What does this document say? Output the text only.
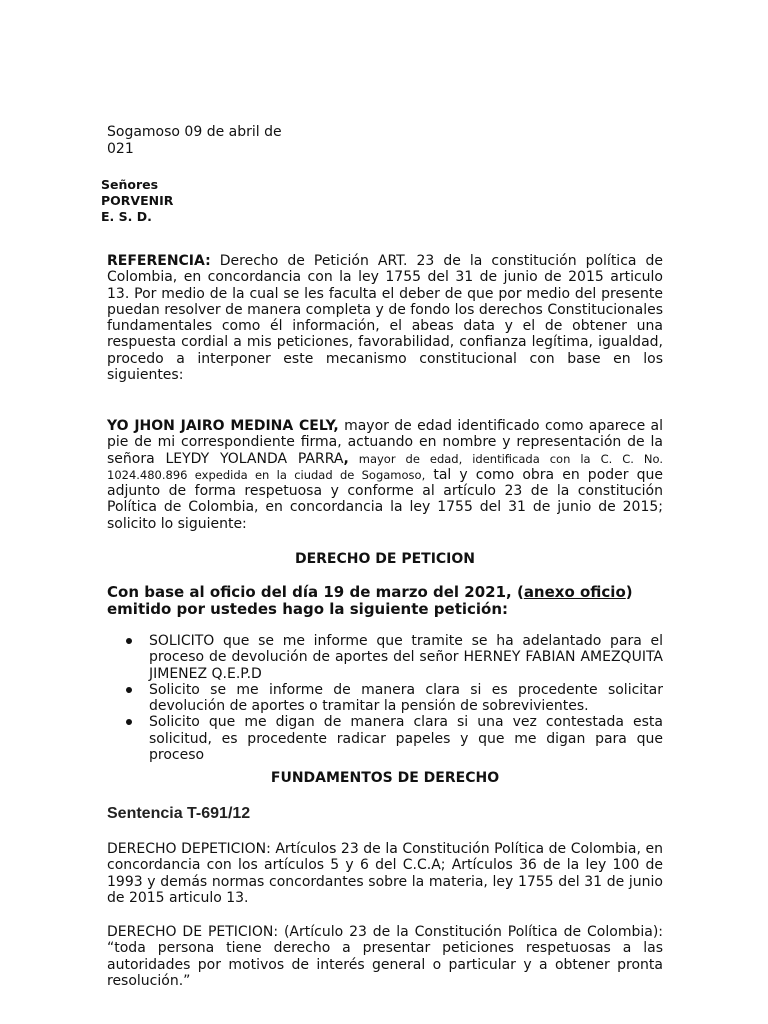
Sogamoso 09 de abril de
021
Señores
PORVENIR
E. S. D.
REFERENCIA: Derecho de Petición ART. 23 de la constitución política de Colombia, en concordancia con la ley 1755 del 31 de junio de 2015 articulo 13. Por medio de la cual se les faculta el deber de que por medio del presente puedan resolver de manera completa y de fondo los derechos Constitucionales fundamentales como él información, el abeas data y el de obtener una respuesta cordial a mis peticiones, favorabilidad, confianza legítima, igualdad, procedo a interponer este mecanismo constitucional con base en los siguientes:
YO JHON JAIRO MEDINA CELY, mayor de edad identificado como aparece al pie de mi correspondiente firma, actuando en nombre y representación de la señora LEYDY YOLANDA PARRA, mayor de edad, identificada con la C. C. No. 1024.480.896 expedida en la ciudad de Sogamoso, tal y como obra en poder que adjunto de forma respetuosa y conforme al artículo 23 de la constitución Política de Colombia, en concordancia la ley 1755 del 31 de junio de 2015; solicito lo siguiente:
DERECHO DE PETICION
Con base al oficio del día 19 de marzo del 2021, (anexo oficio) emitido por ustedes hago la siguiente petición:
SOLICITO que se me informe que tramite se ha adelantado para el proceso de devolución de aportes del señor HERNEY FABIAN AMEZQUITA JIMENEZ Q.E.P.D
Solicito se me informe de manera clara si es procedente solicitar devolución de aportes o tramitar la pensión de sobrevivientes.
Solicito que me digan de manera clara si una vez contestada esta solicitud, es procedente radicar papeles y que me digan para que proceso
FUNDAMENTOS DE DERECHO
Sentencia T-691/12
DERECHO DEPETICION: Artículos 23 de la Constitución Política de Colombia, en concordancia con los artículos 5 y 6 del C.C.A; Artículos 36 de la ley 100 de 1993 y demás normas concordantes sobre la materia, ley 1755 del 31 de junio de 2015 articulo 13.
DERECHO DE PETICION: (Artículo 23 de la Constitución Política de Colombia): “toda persona tiene derecho a presentar peticiones respetuosas a las autoridades por motivos de interés general o particular y a obtener pronta resolución.”
